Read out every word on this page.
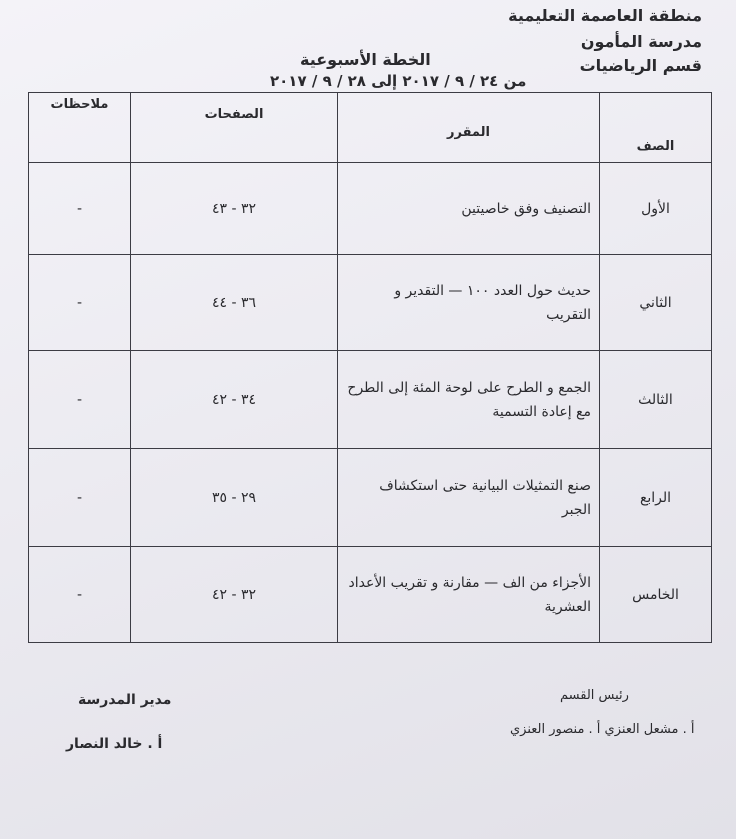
منطقة العاصمة التعليمية
مدرسة المأمون
قسم الرياضيات
الخطة الأسبوعية
من ٢٤ / ٩ / ٢٠١٧ إلى ٢٨ / ٩ / ٢٠١٧
الصف	المقرر	الصفحات	ملاحظات
الأول	التصنيف وفق خاصيتين	٣٢ - ٤٣	-
الثاني	حديث حول العدد ١٠٠ — التقدير و التقريب	٣٦ - ٤٤	-
الثالث	الجمع و الطرح على لوحة المئة إلى الطرح مع إعادة التسمية	٣٤ - ٤٢	-
الرابع	صنع التمثيلات البيانية حتى استكشاف الجبر	٢٩ - ٣٥	-
الخامس	الأجزاء من الف — مقارنة و تقريب الأعداد العشرية	٣٢ - ٤٢	-
رئيس القسم
أ . مشعل العنزي أ . منصور العنزي
مدير المدرسة
أ . خالد النصار
